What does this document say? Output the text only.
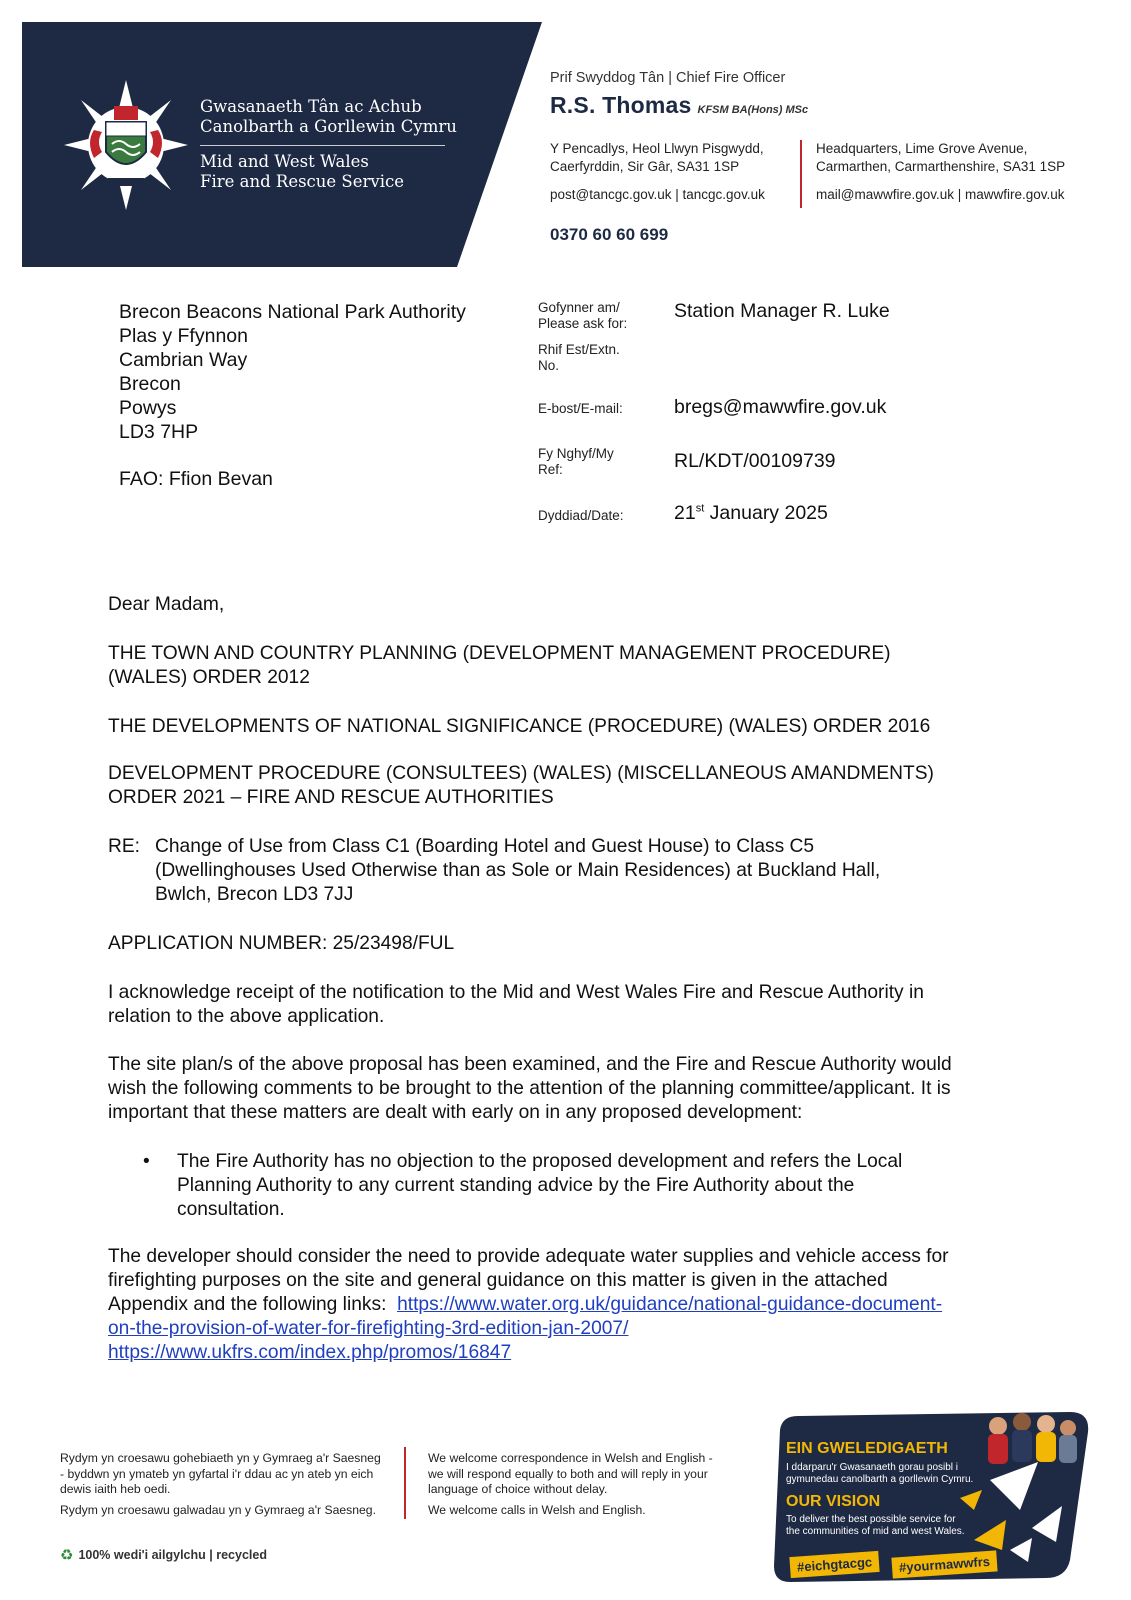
Gwasanaeth Tân ac Achub
Canolbarth a Gorllewin Cymru
Mid and West Wales
Fire and Rescue Service
Prif Swyddog Tân | Chief Fire Officer
R.S. Thomas KFSM BA(Hons) MSc
Y Pencadlys, Heol Llwyn Pisgwydd,
Caerfyrddin, Sir Gâr, SA31 1SP
Headquarters, Lime Grove Avenue,
Carmarthen, Carmarthenshire, SA31 1SP
post@tancgc.gov.uk | tancgc.gov.uk	mail@mawwfire.gov.uk | mawwfire.gov.uk
0370 60 60 699
Brecon Beacons National Park Authority
Plas y Ffynnon
Cambrian Way
Brecon
Powys
LD3 7HP
FAO: Ffion Bevan
Gofynner am/
Please ask for:
Station Manager R. Luke
Rhif Est/Extn.
No.
E-bost/E-mail:	bregs@mawwfire.gov.uk
Fy Nghyf/My
Ref:	RL/KDT/00109739
Dyddiad/Date:	21st January 2025
Dear Madam,
THE TOWN AND COUNTRY PLANNING (DEVELOPMENT MANAGEMENT PROCEDURE)
(WALES) ORDER 2012
THE DEVELOPMENTS OF NATIONAL SIGNIFICANCE (PROCEDURE) (WALES) ORDER 2016
DEVELOPMENT PROCEDURE (CONSULTEES) (WALES) (MISCELLANEOUS AMANDMENTS)
ORDER 2021 – FIRE AND RESCUE AUTHORITIES
RE: Change of Use from Class C1 (Boarding Hotel and Guest House) to Class C5
(Dwellinghouses Used Otherwise than as Sole or Main Residences) at Buckland Hall,
Bwlch, Brecon LD3 7JJ
APPLICATION NUMBER: 25/23498/FUL
I acknowledge receipt of the notification to the Mid and West Wales Fire and Rescue Authority in
relation to the above application.
The site plan/s of the above proposal has been examined, and the Fire and Rescue Authority would
wish the following comments to be brought to the attention of the planning committee/applicant. It is
important that these matters are dealt with early on in any proposed development:
• The Fire Authority has no objection to the proposed development and refers the Local
Planning Authority to any current standing advice by the Fire Authority about the
consultation.
The developer should consider the need to provide adequate water supplies and vehicle access for
firefighting purposes on the site and general guidance on this matter is given in the attached
Appendix and the following links:  https://www.water.org.uk/guidance/national-guidance-document-
on-the-provision-of-water-for-firefighting-3rd-edition-jan-2007/
https://www.ukfrs.com/index.php/promos/16847
Rydym yn croesawu gohebiaeth yn y Gymraeg a'r Saesneg
- byddwn yn ymateb yn gyfartal i'r ddau ac yn ateb yn eich
dewis iaith heb oedi.
Rydym yn croesawu galwadau yn y Gymraeg a'r Saesneg.
We welcome correspondence in Welsh and English -
we will respond equally to both and will reply in your
language of choice without delay.
We welcome calls in Welsh and English.
♻ 100% wedi'i ailgylchu | recycled
EIN GWELEDIGAETH
I ddarparu'r Gwasanaeth gorau posibl i
gymunedau canolbarth a gorllewin Cymru.
OUR VISION
To deliver the best possible service for
the communities of mid and west Wales.
#eichgtacgc	#yourmawwfrs
